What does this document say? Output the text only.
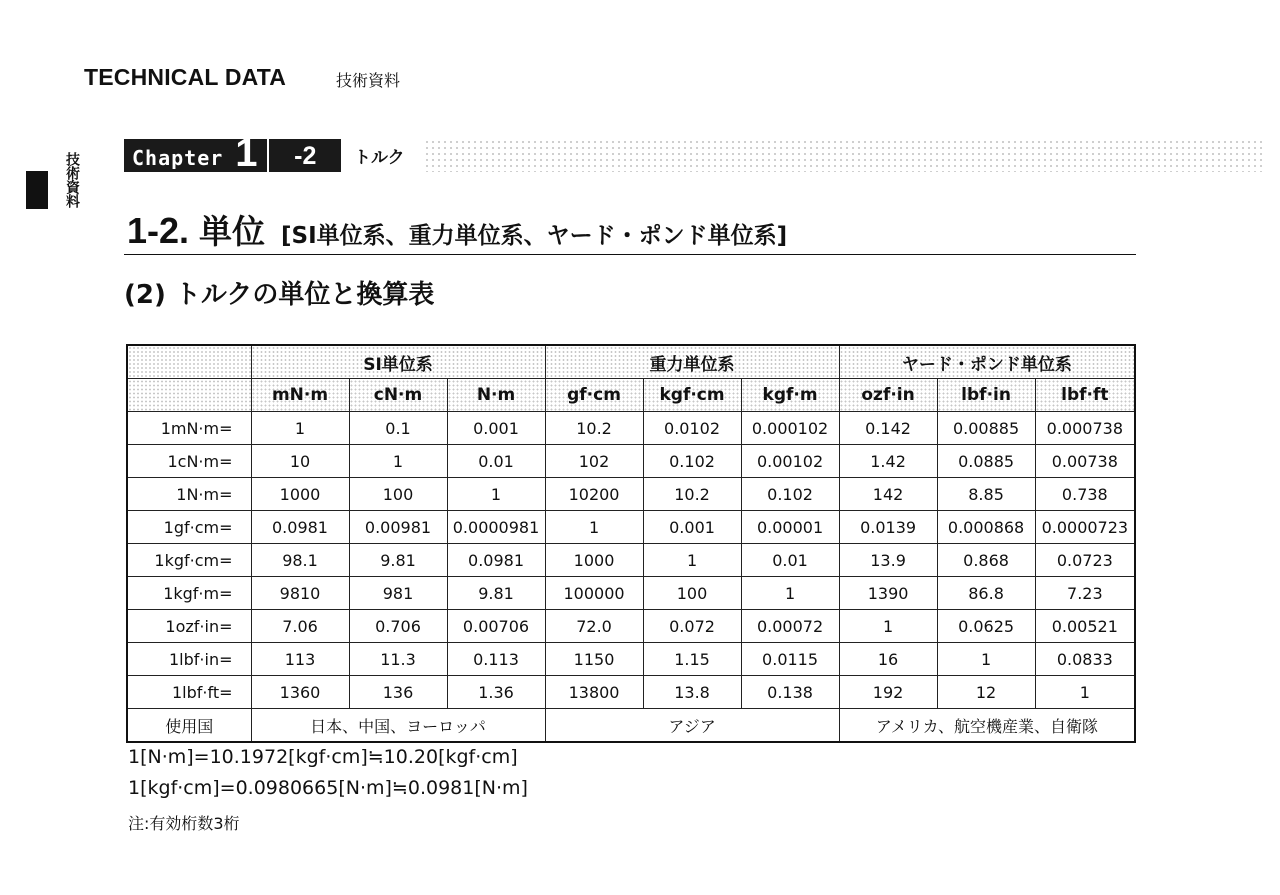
TECHNICAL DATA	技術資料
技術資料	Chapter 1	-2	トルク
1-2. 単位 [SI単位系、重力単位系、ヤード・ポンド単位系]
(2) トルクの単位と換算表
	SI単位系			重力単位系			ヤード・ポンド単位系		
	mN·m	cN·m	N·m	gf·cm	kgf·cm	kgf·m	ozf·in	lbf·in	lbf·ft
1mN·m=	1	0.1	0.001	10.2	0.0102	0.000102	0.142	0.00885	0.000738
1cN·m=	10	1	0.01	102	0.102	0.00102	1.42	0.0885	0.00738
1N·m=	1000	100	1	10200	10.2	0.102	142	8.85	0.738
1gf·cm=	0.0981	0.00981	0.0000981	1	0.001	0.00001	0.0139	0.000868	0.0000723
1kgf·cm=	98.1	9.81	0.0981	1000	1	0.01	13.9	0.868	0.0723
1kgf·m=	9810	981	9.81	100000	100	1	1390	86.8	7.23
1ozf·in=	7.06	0.706	0.00706	72.0	0.072	0.00072	1	0.0625	0.00521
1lbf·in=	113	11.3	0.113	1150	1.15	0.0115	16	1	0.0833
1lbf·ft=	1360	136	1.36	13800	13.8	0.138	192	12	1
使用国	日本、中国、ヨーロッパ			アジア			アメリカ、航空機産業、自衛隊		
1[N·m]=10.1972[kgf·cm]≒10.20[kgf·cm]
1[kgf·cm]=0.0980665[N·m]≒0.0981[N·m]
注:有効桁数3桁
